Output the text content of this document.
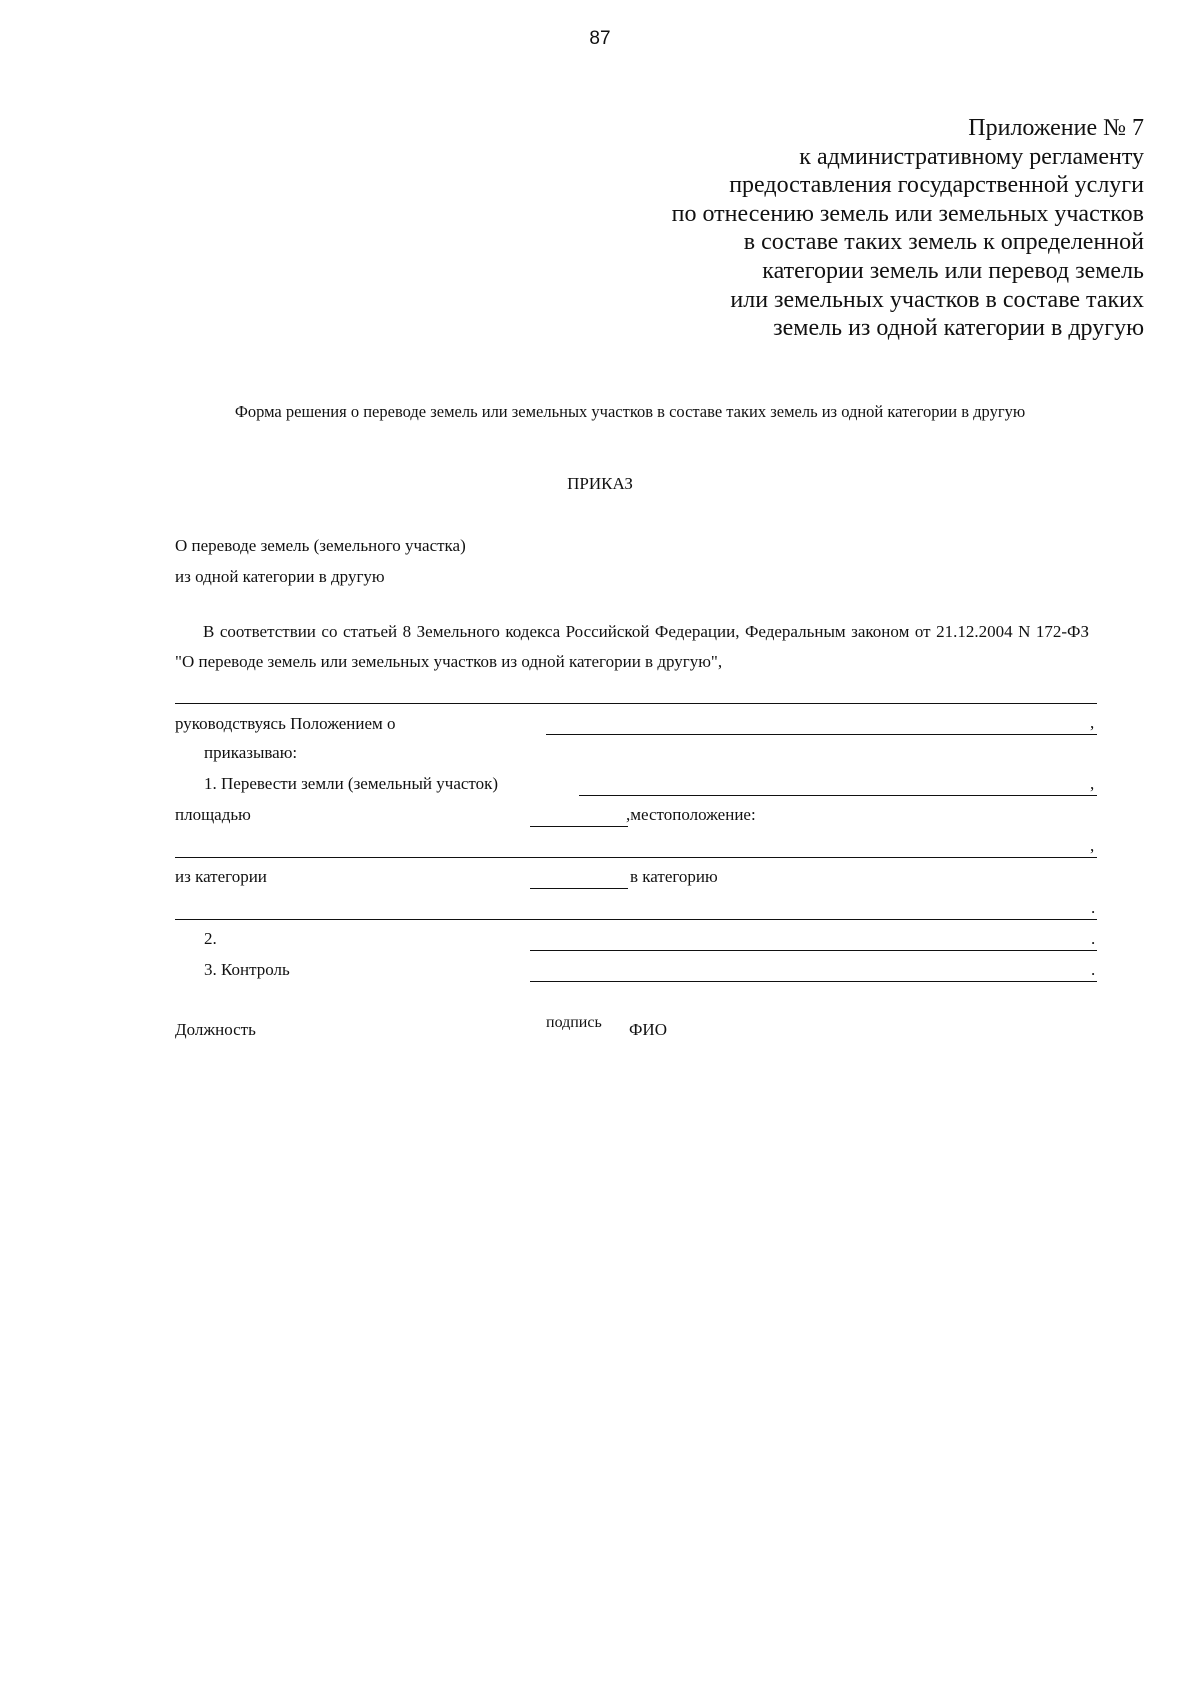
87
Приложение № 7
к административному регламенту
предоставления государственной услуги
по отнесению земель или земельных участков
в составе таких земель к определенной
категории земель или перевод земель
или земельных участков в составе таких
земель из одной категории в другую
Форма решения о переводе земель или земельных участков в составе таких земель из одной категории в другую
ПРИКАЗ
О переводе земель (земельного участка)
из одной категории в другую
В соответствии со статьей 8 Земельного кодекса Российской Федерации, Федеральным законом от 21.12.2004 N 172-ФЗ "О переводе земель или земельных участков из одной категории в другую",
руководствуясь Положением о	,
приказываю:
1. Перевести земли (земельный участок)	,
площадью	,местоположение:
,
из категории	в категорию
.
2.	.
3. Контроль	.
Должность	подпись ФИО
